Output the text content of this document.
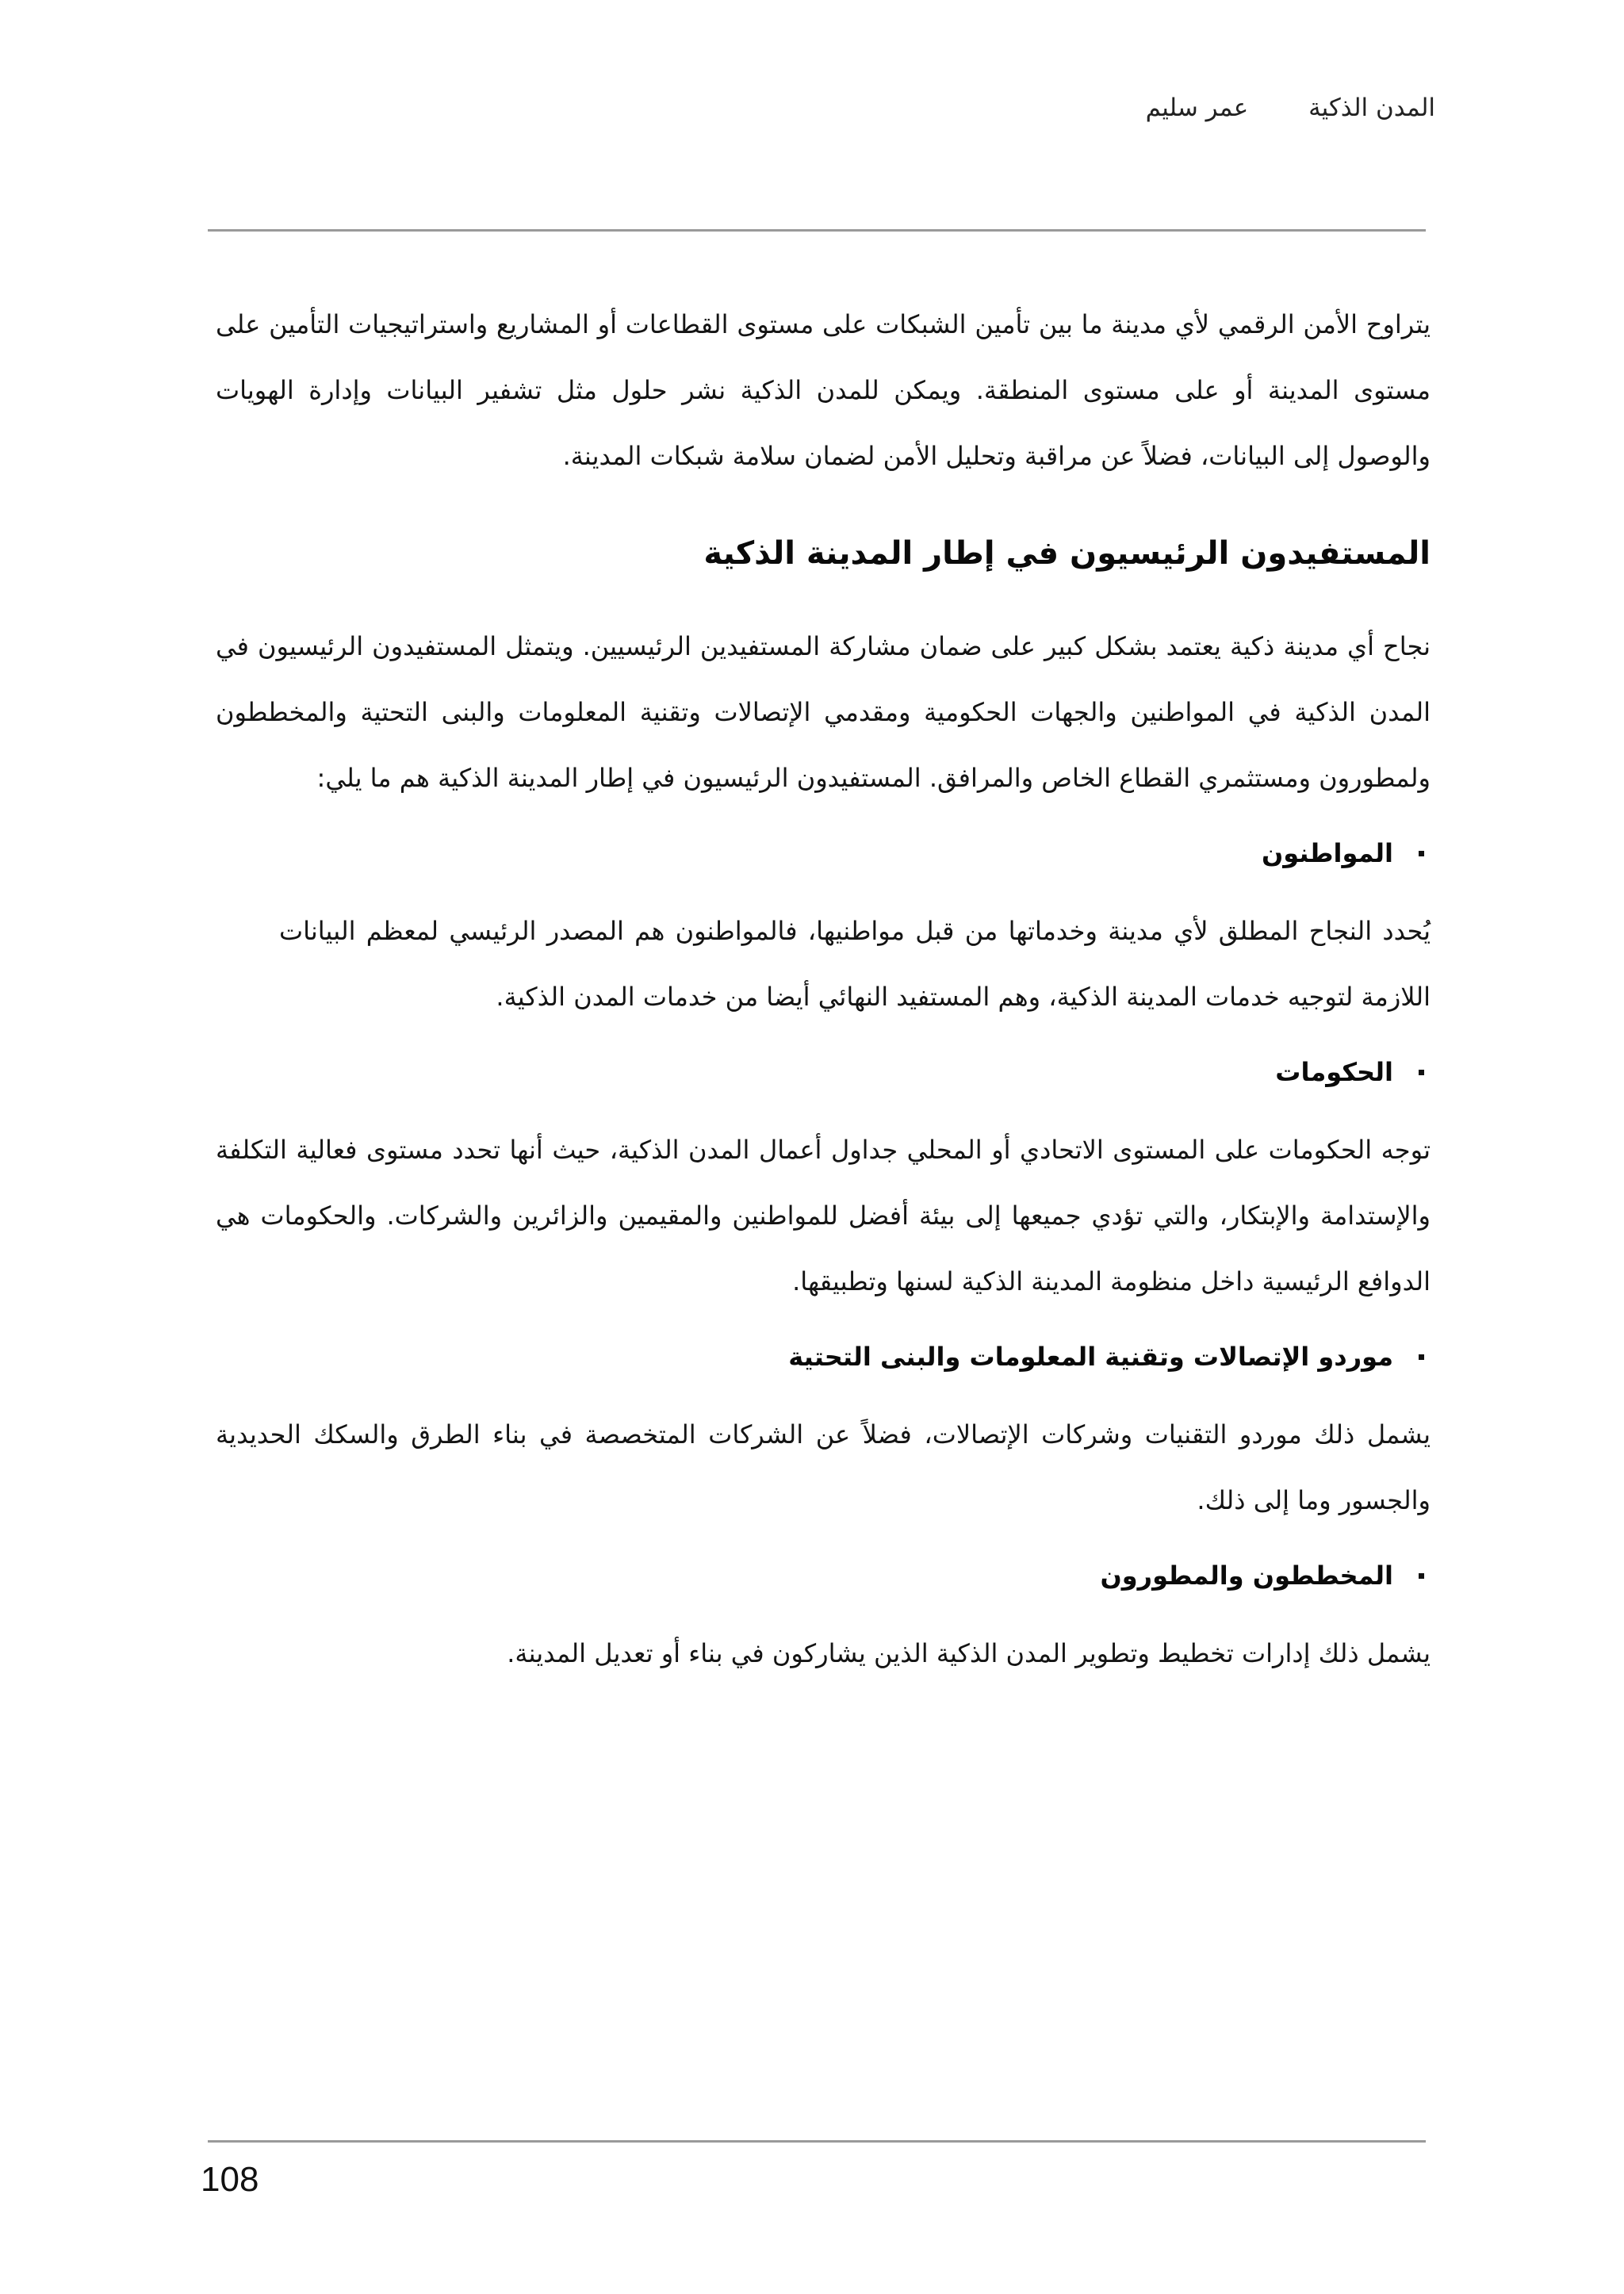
المدن الذكية عمر سليم

يتراوح الأمن الرقمي لأي مدينة ما بين تأمين الشبكات على مستوى القطاعات أو المشاريع واستراتيجيات التأمين على مستوى المدينة أو على مستوى المنطقة. ويمكن للمدن الذكية نشر حلول مثل تشفير البيانات وإدارة الهويات والوصول إلى البيانات، فضلاً عن مراقبة وتحليل الأمن لضمان سلامة شبكات المدينة.

المستفيدون الرئيسيون في إطار المدينة الذكية

نجاح أي مدينة ذكية يعتمد بشكل كبير على ضمان مشاركة المستفيدين الرئيسيين. ويتمثل المستفيدون الرئيسيون في المدن الذكية في المواطنين والجهات الحكومية ومقدمي الإتصالات وتقنية المعلومات والبنى التحتية والمخططون ولمطورون ومستثمري القطاع الخاص والمرافق. المستفيدون الرئيسيون في إطار المدينة الذكية هم ما يلي:

المواطنون

يُحدد النجاح المطلق لأي مدينة وخدماتها من قبل مواطنيها، فالمواطنون هم المصدر الرئيسي لمعظم البيانات اللازمة لتوجيه خدمات المدينة الذكية، وهم المستفيد النهائي أيضا من خدمات المدن الذكية.

الحكومات

توجه الحكومات على المستوى الاتحادي أو المحلي جداول أعمال المدن الذكية، حيث أنها تحدد مستوى فعالية التكلفة والإستدامة والإبتكار، والتي تؤدي جميعها إلى بيئة أفضل للمواطنين والمقيمين والزائرين والشركات. والحكومات هي الدوافع الرئيسية داخل منظومة المدينة الذكية لسنها وتطبيقها.

موردو الإتصالات وتقنية المعلومات والبنى التحتية

يشمل ذلك موردو التقنيات وشركات الإتصالات، فضلاً عن الشركات المتخصصة في بناء الطرق والسكك الحديدية والجسور وما إلى ذلك.

المخططون والمطورون

يشمل ذلك إدارات تخطيط وتطوير المدن الذكية الذين يشاركون في بناء أو تعديل المدينة.

108
